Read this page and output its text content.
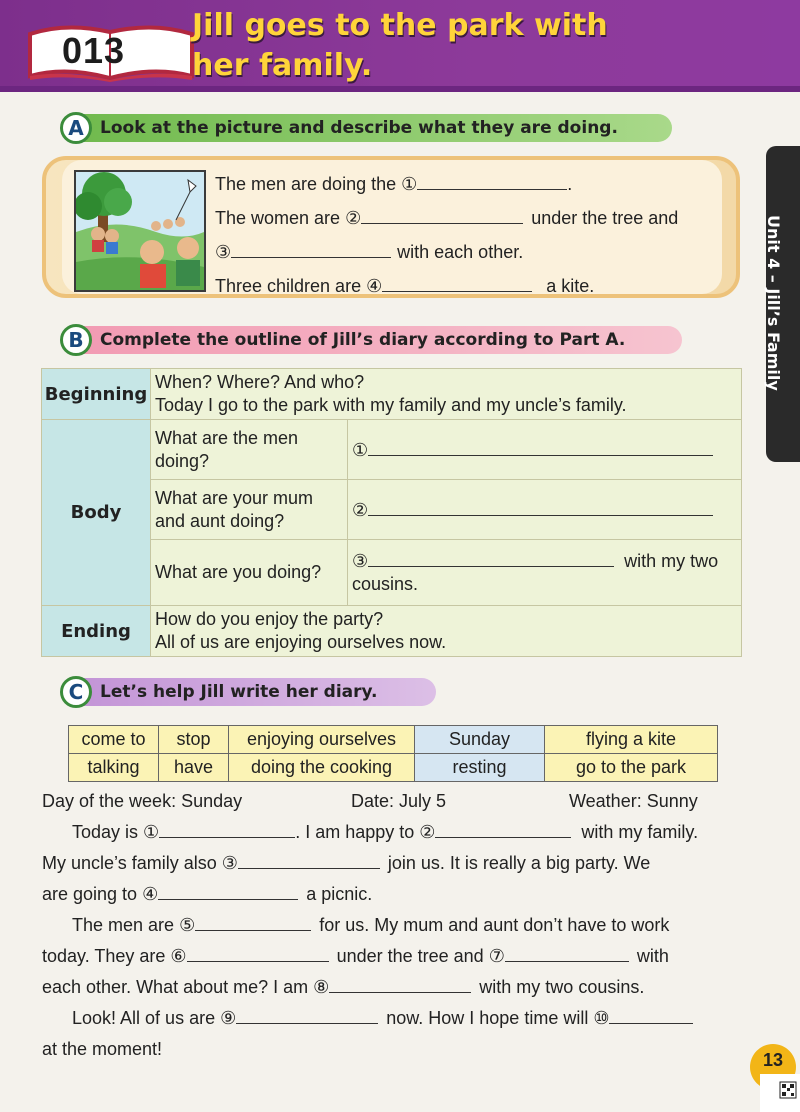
013
Jill goes to the park with
her family.
A Look at the picture and describe what they are doing.
The men are doing the ①	.
The women are ②	under the tree and
③	with each other.
Three children are ④	a kite.
B Complete the outline of Jill’s diary according to Part A.
Beginning	When? Where? And who?
Today I go to the park with my family and my uncle’s family.	

Body	What are the men doing?	①
	What are your mum and aunt doing?	②
	What are you doing?	③ with my two
cousins.

Ending	How do you enjoy the party?
All of us are enjoying ourselves now.	
C Let’s help Jill write her diary.
come to	stop	enjoying ourselves	Sunday	flying a kite
talking	have	doing the cooking	resting	go to the park
Day of the week: Sunday	Date: July 5	Weather: Sunny
Today is ①	. I am happy to ②	with my family.
My uncle’s family also ③	join us. It is really a big party. We
are going to ④	a picnic.
The men are ⑤	for us. My mum and aunt don’t have to work
today. They are ⑥	under the tree and ⑦	with
each other. What about me? I am ⑧	with my two cousins.
Look! All of us are ⑨	now. How I hope time will ⑩
at the moment!
Unit 4 – Jill’s Family
13
